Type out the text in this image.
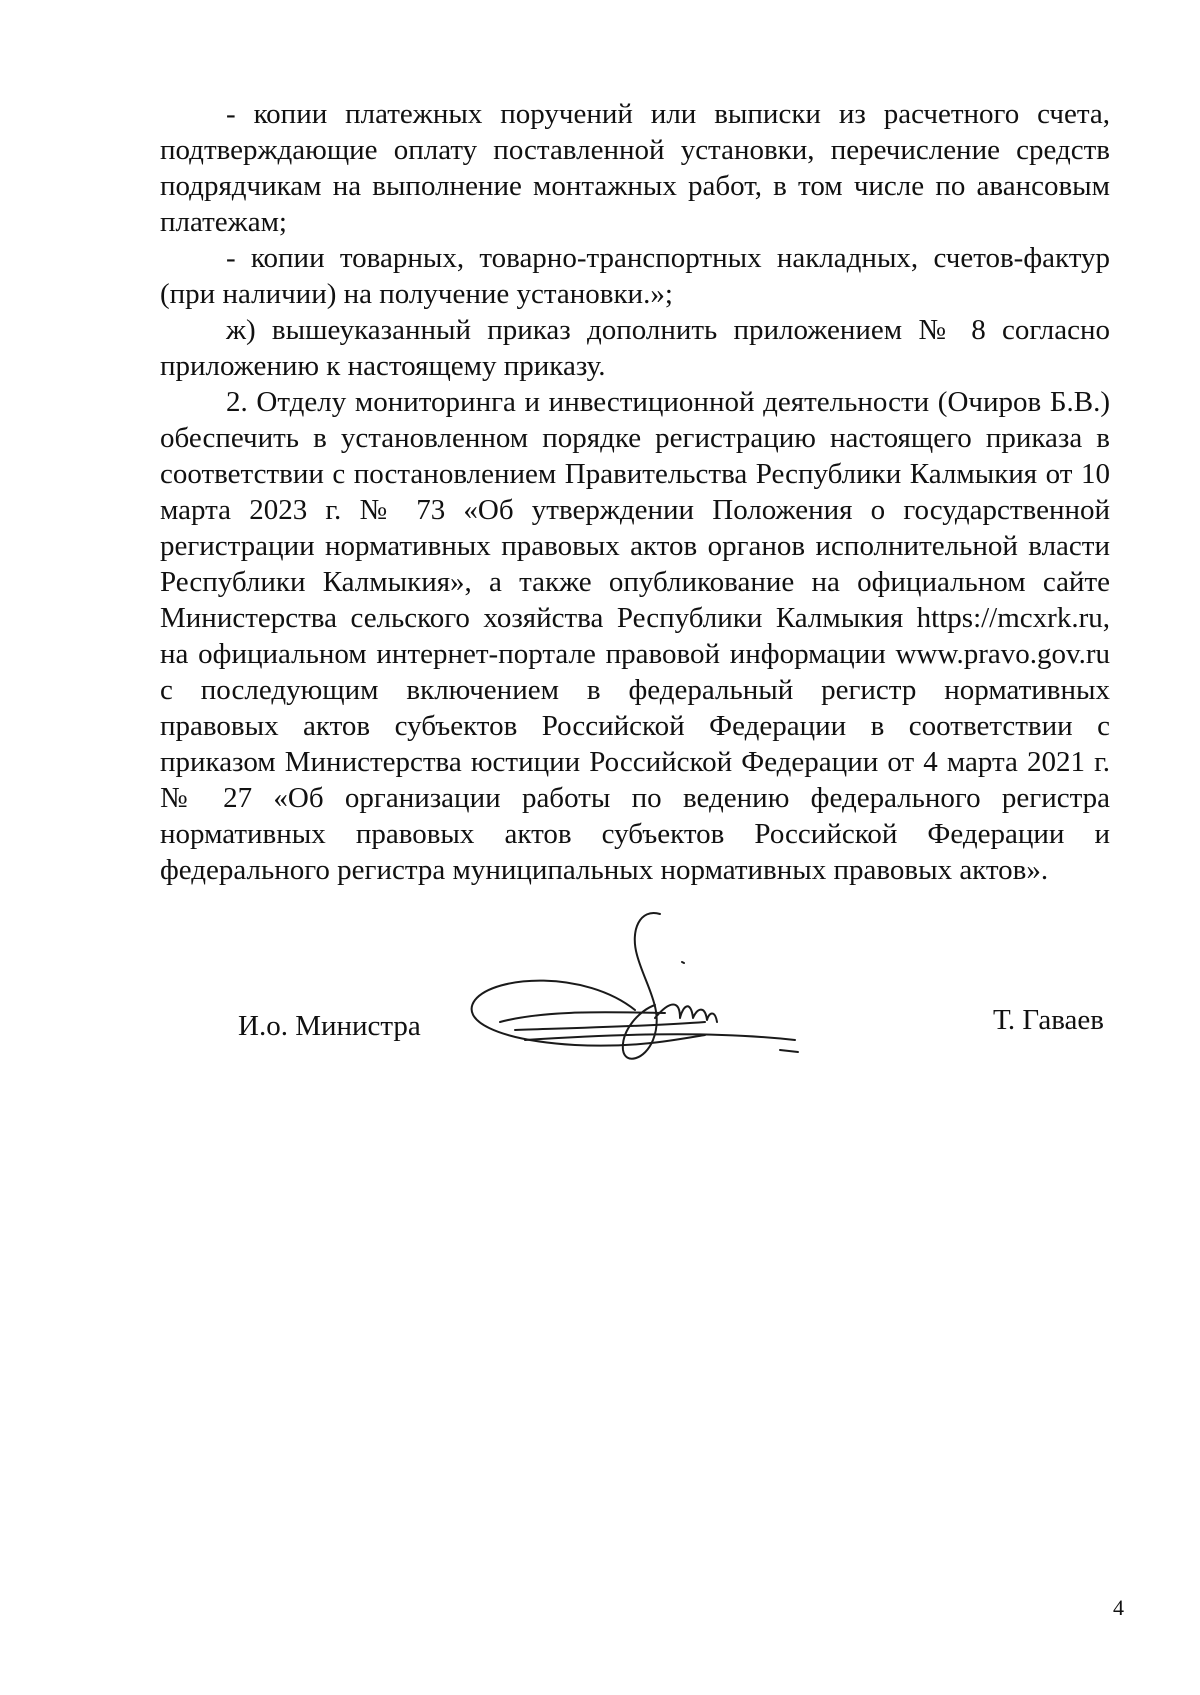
- копии платежных поручений или выписки из расчетного счета, подтверждающие оплату поставленной установки, перечисление средств подрядчикам на выполнение монтажных работ, в том числе по авансовым платежам;

- копии товарных, товарно-транспортных накладных, счетов-фактур (при наличии) на получение установки.»;

ж) вышеуказанный приказ дополнить приложением № 8 согласно приложению к настоящему приказу.

2. Отделу мониторинга и инвестиционной деятельности (Очиров Б.В.) обеспечить в установленном порядке регистрацию настоящего приказа в соответствии с постановлением Правительства Республики Калмыкия от 10 марта 2023 г. № 73 «Об утверждении Положения о государственной регистрации нормативных правовых актов органов исполнительной власти Республики Калмыкия», а также опубликование на официальном сайте Министерства сельского хозяйства Республики Калмыкия https://mcxrk.ru, на официальном интернет-портале правовой информации www.pravo.gov.ru с последующим включением в федеральный регистр нормативных правовых актов субъектов Российской Федерации в соответствии с приказом Министерства юстиции Российской Федерации от 4 марта 2021 г. № 27 «Об организации работы по ведению федерального регистра нормативных правовых актов субъектов Российской Федерации и федерального регистра муниципальных нормативных правовых актов».

И.о. Министра	Т. Гаваев
4
